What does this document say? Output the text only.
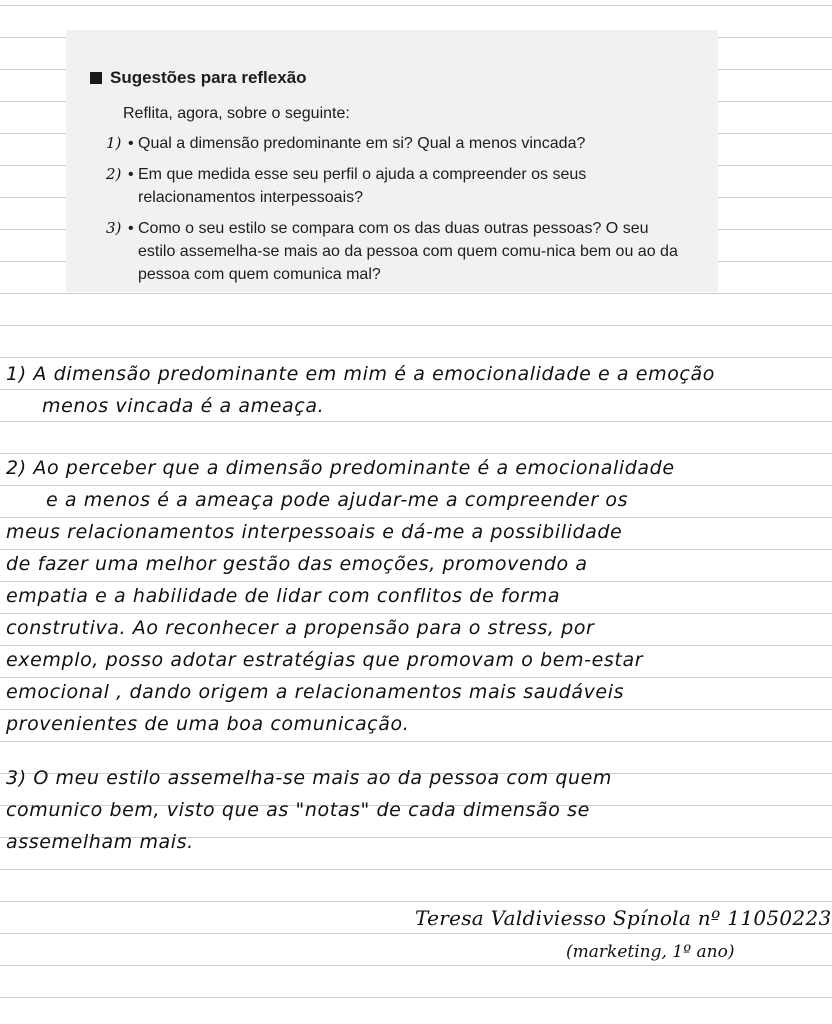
Sugestões para reflexão
Reflita, agora, sobre o seguinte:
1) • Qual a dimensão predominante em si? Qual a menos vincada?
2) • Em que medida esse seu perfil o ajuda a compreender os seus relacionamentos interpessoais?
3) • Como o seu estilo se compara com os das duas outras pessoas? O seu estilo assemelha-se mais ao da pessoa com quem comu-nica bem ou ao da pessoa com quem comunica mal?

1) A dimensão predominante em mim é a emocionalidade e a emoção

menos vincada é a ameaça.

2) Ao perceber que a dimensão predominante é a emocionalidade

e a menos é a ameaça pode ajudar-me a compreender os

meus relacionamentos interpessoais e dá-me a possibilidade

de fazer uma melhor gestão das emoções, promovendo a

empatia e a habilidade de lidar com conflitos de forma

construtiva. Ao reconhecer a propensão para o stress, por

exemplo, posso adotar estratégias que promovam o bem-estar

emocional , dando origem a relacionamentos mais saudáveis

provenientes de uma boa comunicação.

3) O meu estilo assemelha-se mais ao da pessoa com quem

comunico bem, visto que as "notas" de cada dimensão se

assemelham mais.

Teresa Valdiviesso Spínola nº 11050223
(marketing, 1º ano)
